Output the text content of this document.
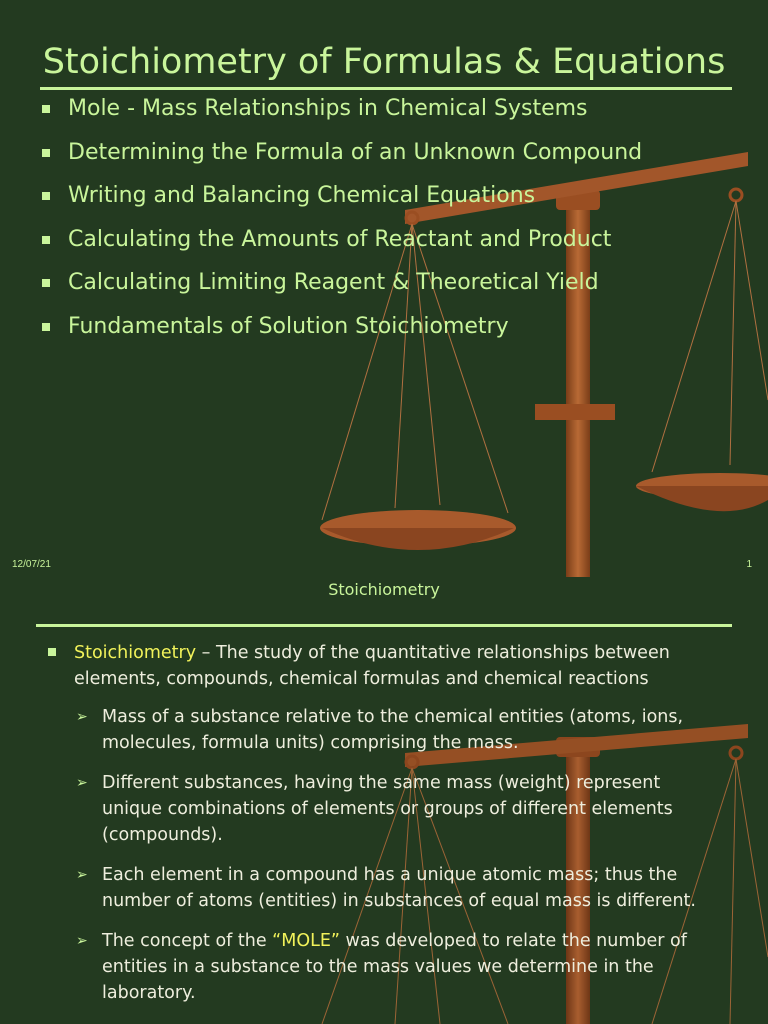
Stoichiometry of Formulas & Equations
Mole - Mass Relationships in Chemical Systems
Determining the Formula of an Unknown Compound
Writing and Balancing Chemical Equations
Calculating the Amounts of Reactant and Product
Calculating Limiting Reagent & Theoretical Yield
Fundamentals of Solution Stoichiometry
12/07/21	1
Stoichiometry
Stoichiometry – The study of the quantitative relationships between elements, compounds, chemical formulas and chemical reactions
➢ Mass of a substance relative to the chemical entities (atoms, ions, molecules, formula units) comprising the mass.
➢ Different substances, having the same mass (weight) represent unique combinations of elements or groups of different elements (compounds).
➢ Each element in a compound has a unique atomic mass; thus the number of atoms (entities) in substances of equal mass is different.
➢ The concept of the “MOLE” was developed to relate the number of entities in a substance to the mass values we determine in the laboratory.
